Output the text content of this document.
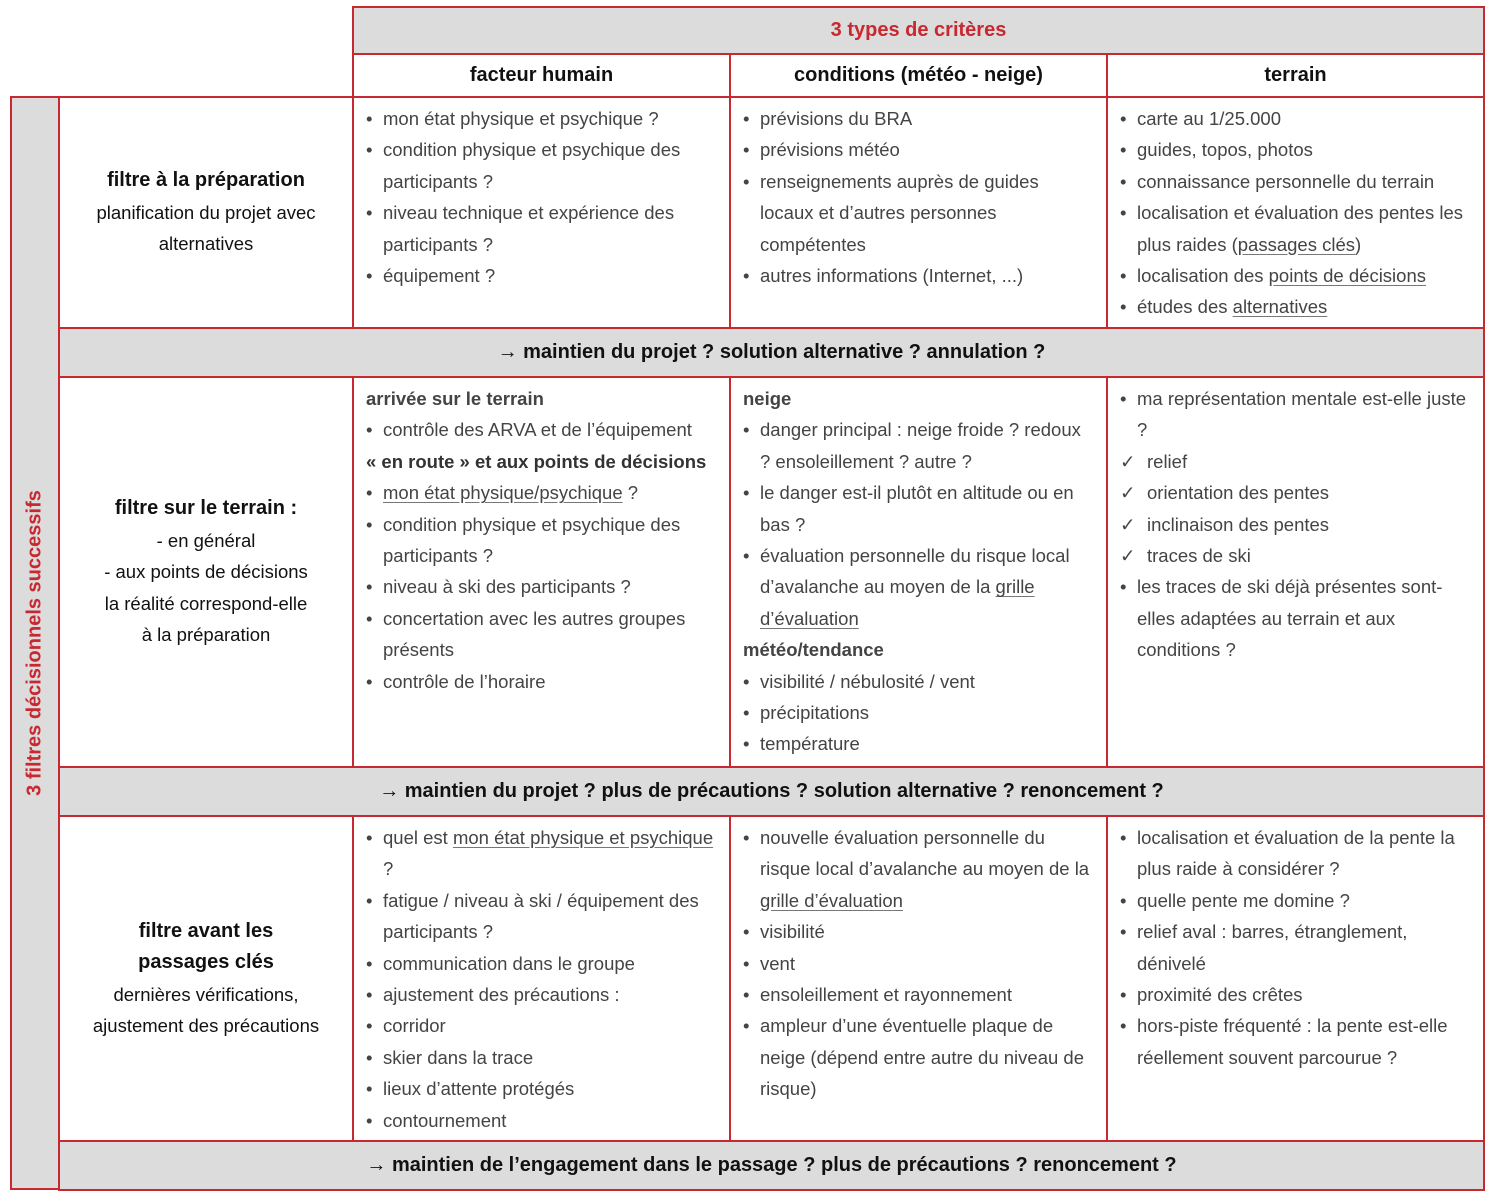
3 types de critères
facteur humain	conditions (météo - neige)	terrain
3 filtres décisionnels successifs
filtre à la préparation
planification du projet avec
alternatives
• mon état physique et psychique ?
• condition physique et psychique des participants ?
• niveau technique et expérience des participants ?
• équipement ?
• prévisions du BRA
• prévisions météo
• renseignements auprès de guides locaux et d’autres personnes compétentes
• autres informations (Internet, ...)
• carte au 1/25.000
• guides, topos, photos
• connaissance personnelle du terrain
• localisation et évaluation des pentes les plus raides (passages clés)
• localisation des points de décisions
• études des alternatives
→ maintien du projet ? solution alternative ? annulation ?
filtre sur le terrain :
- en général
- aux points de décisions
la réalité correspond-elle
à la préparation
arrivée sur le terrain
• contrôle des ARVA et de l’équipement
« en route » et aux points de décisions
• mon état physique/psychique ?
• condition physique et psychique des participants ?
• niveau à ski des participants ?
• concertation avec les autres groupes présents
• contrôle de l’horaire
neige
• danger principal : neige froide ? redoux ? ensoleillement ? autre ?
• le danger est-il plutôt en altitude ou en bas ?
• évaluation personnelle du risque local d’avalanche au moyen de la grille d’évaluation
météo/tendance
• visibilité / nébulosité / vent
• précipitations
• température
• ma représentation mentale est-elle juste ?
✓ relief
✓ orientation des pentes
✓ inclinaison des pentes
✓ traces de ski
• les traces de ski déjà présentes sont-elles adaptées au terrain et aux conditions ?
→ maintien du projet ? plus de précautions ? solution alternative ? renoncement ?
filtre avant les passages clés
dernières vérifications,
ajustement des précautions
• quel est mon état physique et psychique ?
• fatigue / niveau à ski / équipement des participants ?
• communication dans le groupe
• ajustement des précautions :
• corridor
• skier dans la trace
• lieux d’attente protégés
• contournement
• nouvelle évaluation personnelle du risque local d’avalanche au moyen de la grille d’évaluation
• visibilité
• vent
• ensoleillement et rayonnement
• ampleur d’une éventuelle plaque de neige (dépend entre autre du niveau de risque)
• localisation et évaluation de la pente la plus raide à considérer ?
• quelle pente me domine ?
• relief aval : barres, étranglement, dénivelé
• proximité des crêtes
• hors-piste fréquenté : la pente est-elle réellement souvent parcourue ?
→ maintien de l’engagement dans le passage ? plus de précautions ? renoncement ?
